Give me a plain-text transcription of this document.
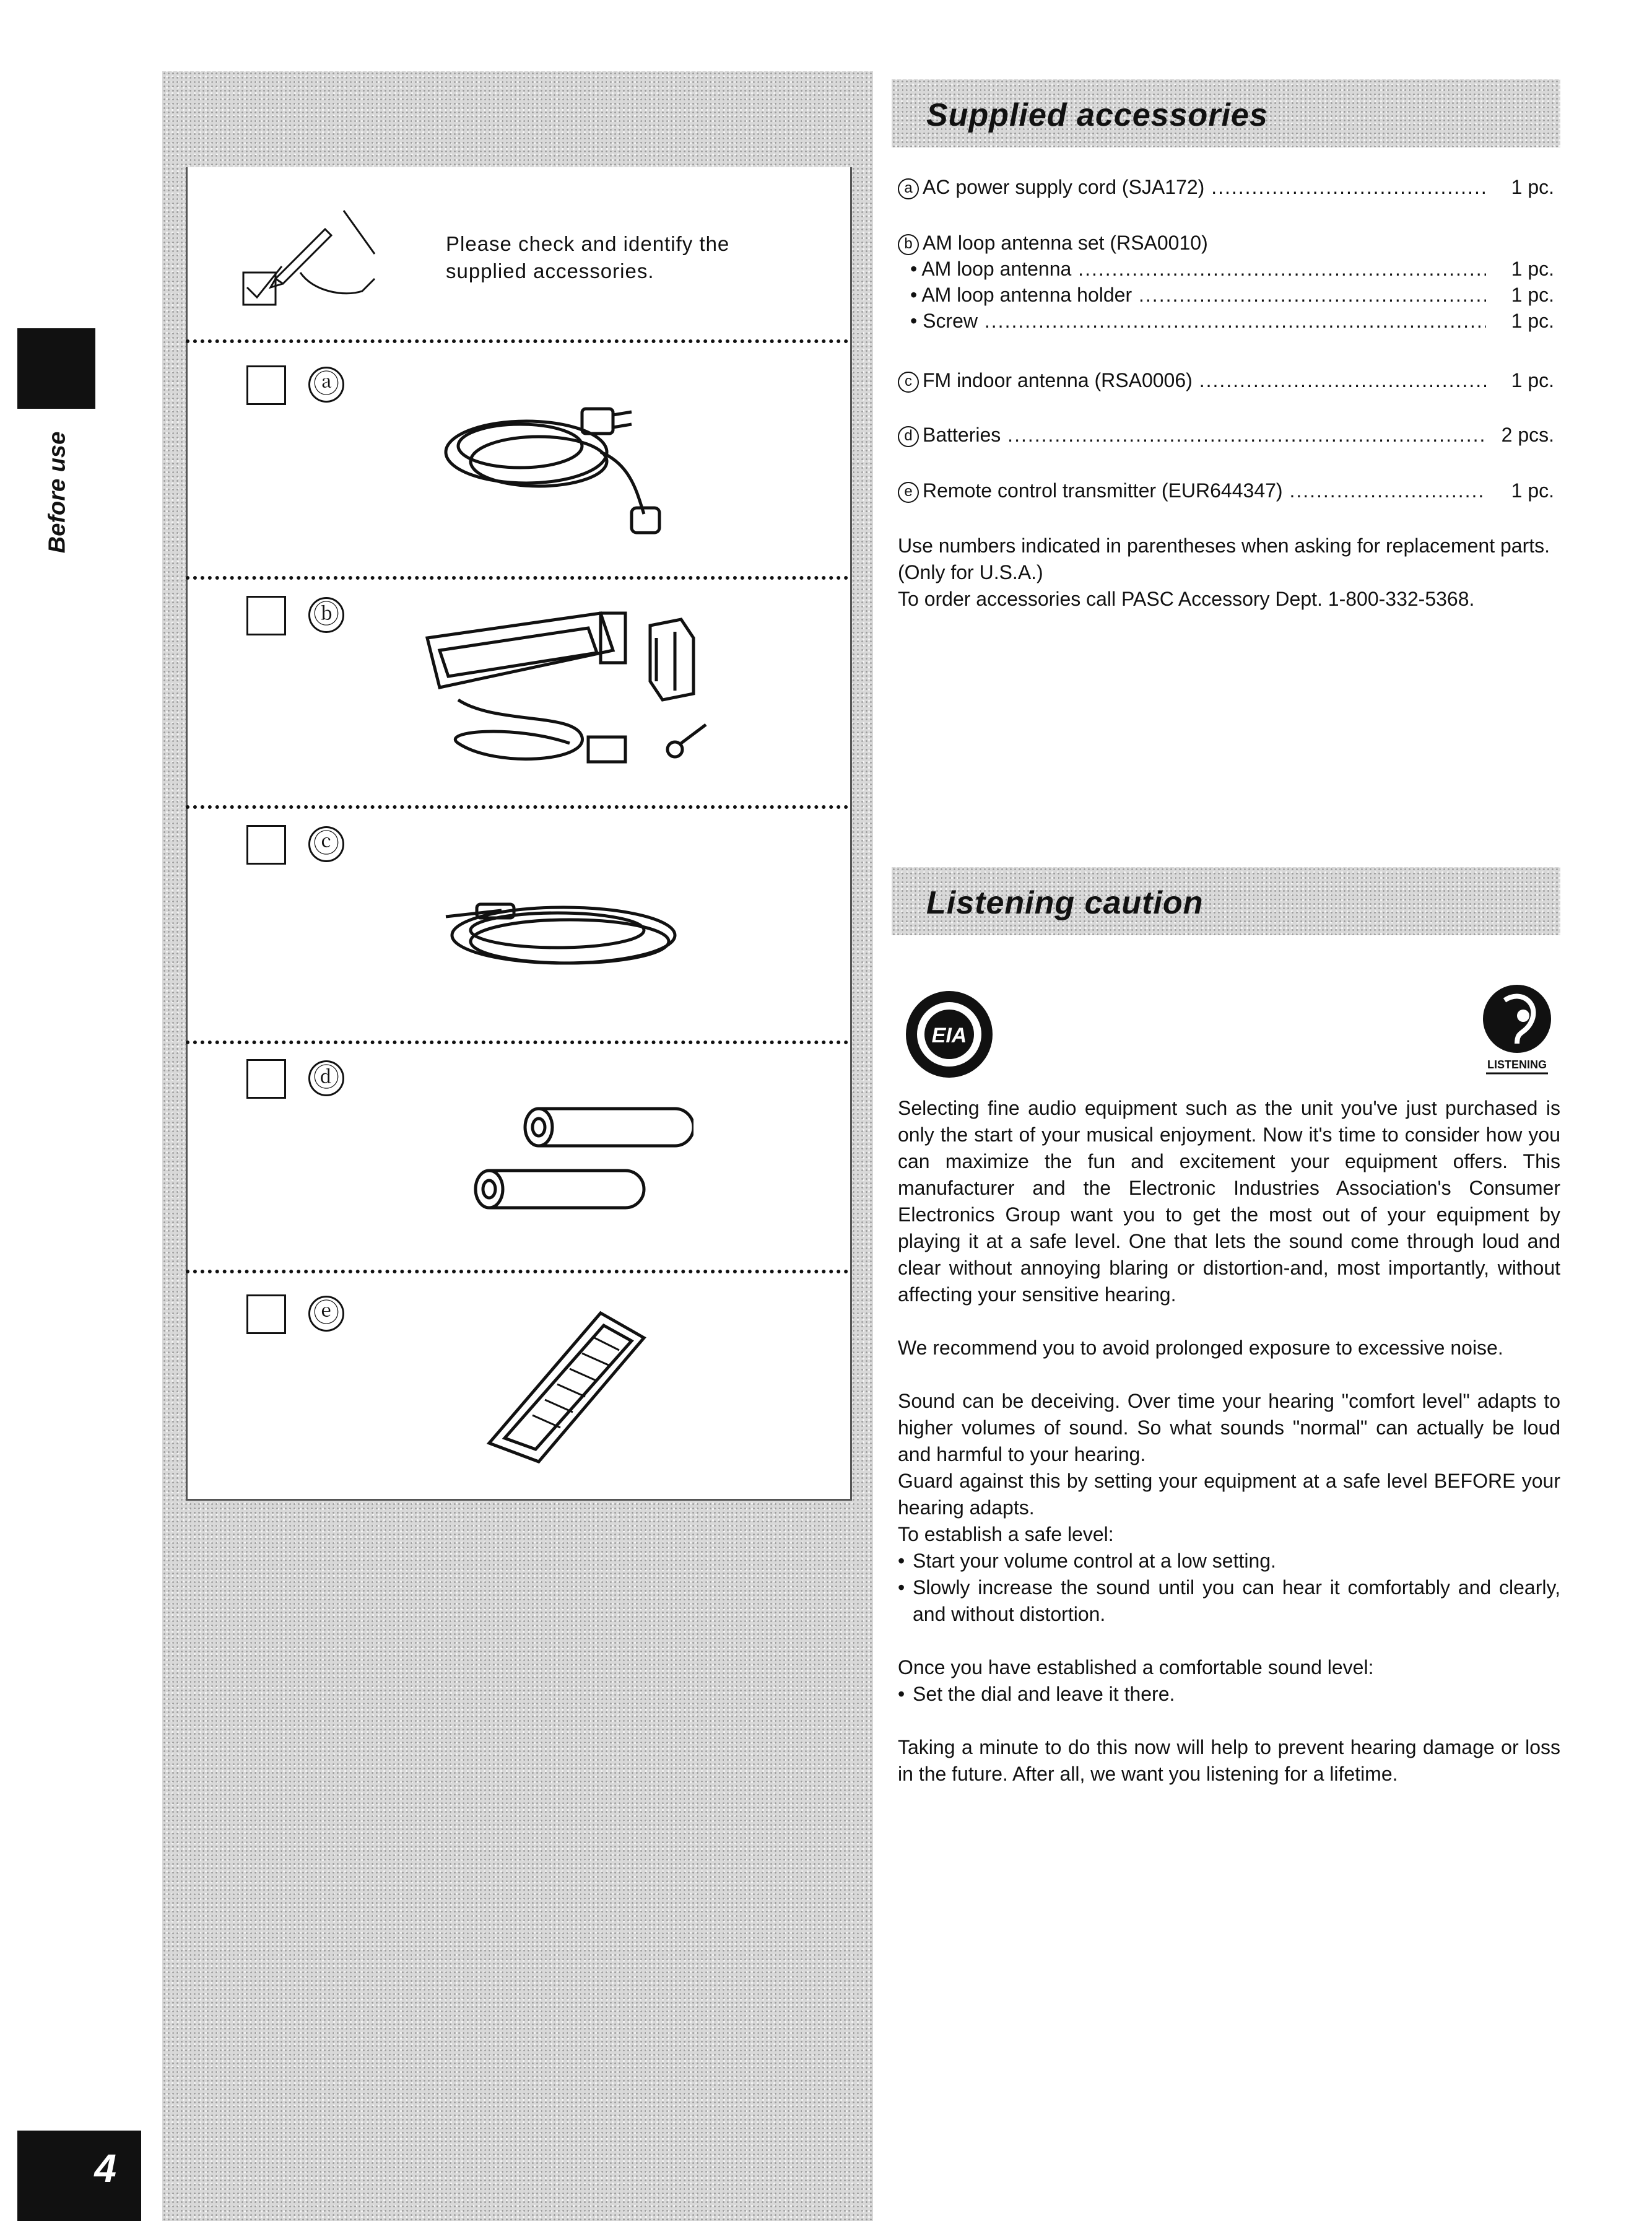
Before use
4
Please check and identify the supplied accessories.
ⓐ
ⓑ
ⓒ
ⓓ
ⓔ
Supplied accessories
a AC power supply cord (SJA172) .....	1 pc.
b AM loop antenna set (RSA0010)
• AM loop antenna .....	1 pc.
• AM loop antenna holder .....	1 pc.
• Screw .....	1 pc.
c FM indoor antenna (RSA0006) .....	1 pc.
d Batteries .....	2 pcs.
e Remote control transmitter (EUR644347) .....	1 pc.

Use numbers indicated in parentheses when asking for replacement parts.

(Only for U.S.A.)

To order accessories call PASC Accessory Dept. 1-800-332-5368.

Listening caution
EIA
LISTENING

Selecting fine audio equipment such as the unit you've just purchased is only the start of your musical enjoyment. Now it's time to consider how you can maximize the fun and excitement your equipment offers. This manufacturer and the Electronic Industries Association's Consumer Electronics Group want you to get the most out of your equipment by playing it at a safe level. One that lets the sound come through loud and clear without annoying blaring or distortion-and, most importantly, without affecting your sensitive hearing.

We recommend you to avoid prolonged exposure to excessive noise.

Sound can be deceiving. Over time your hearing "comfort level" adapts to higher volumes of sound. So what sounds "normal" can actually be loud and harmful to your hearing.

Guard against this by setting your equipment at a safe level BEFORE your hearing adapts.

To establish a safe level:

• Start your volume control at a low setting.
• Slowly increase the sound until you can hear it comfortably and clearly, and without distortion.

Once you have established a comfortable sound level:

• Set the dial and leave it there.

Taking a minute to do this now will help to prevent hearing damage or loss in the future. After all, we want you listening for a lifetime.
